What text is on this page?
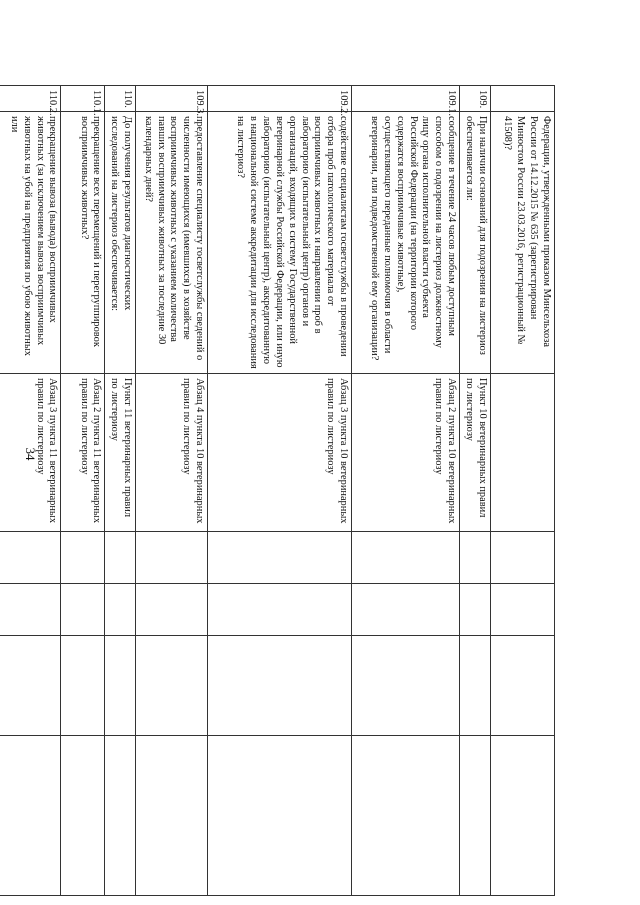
34
	Федерации, утвержденными приказом Минсельхоза России от 14.12.2015 № 635 (зарегистрирован Минюстом России 23.03.2016, регистрационный № 41508)?					
109.	При наличии оснований для подозрения на листериоз обеспечивается ли:	Пункт 10 ветеринарных правил по листериозу				
109.1.	сообщение в течение 24 часов любым доступным способом о подозрении на листериоз должностному лицу органа исполнительной власти субъекта Российской Федерации (на территории которого содержатся восприимчивые животные), осуществляющего переданные полномочия в области ветеринарии, или подведомственной ему организации?	Абзац 2 пункта 10 ветеринарных правил по листериозу				
109.2.	содействие специалистам госветслужбы в проведении отбора проб патологического материала от восприимчивых животных и направлении проб в лабораторию (испытательный центр) органов и организаций, входящих в систему Государственной ветеринарной службы Российской Федерации, или иную лабораторию (испытательный центр), аккредитованную в национальной системе аккредитации для исследования на листериоз?	Абзац 3 пункта 10 ветеринарных правил по листериозу				
109.3.	предоставление специалисту госветслужбы сведений о численности имеющихся (имевшихся) в хозяйстве восприимчивых животных с указанием количества павших восприимчивых животных за последние 30 календарных дней?	Абзац 4 пункта 10 ветеринарных правил по листериозу				
110.	До получения результатов диагностических исследований на листериоз обеспечивается:	Пункт 11 ветеринарных правил по листериозу				
110.1.	прекращение всех перемещений и перегруппировок восприимчивых животных?	Абзац 2 пункта 11 ветеринарных правил по листериозу				
110.2.	прекращение вывоза (вывода) восприимчивых животных (за исключением вывоза восприимчивых животных на убой на предприятия по убою животных или	Абзац 3 пункта 11 ветеринарных правил по листериозу				
